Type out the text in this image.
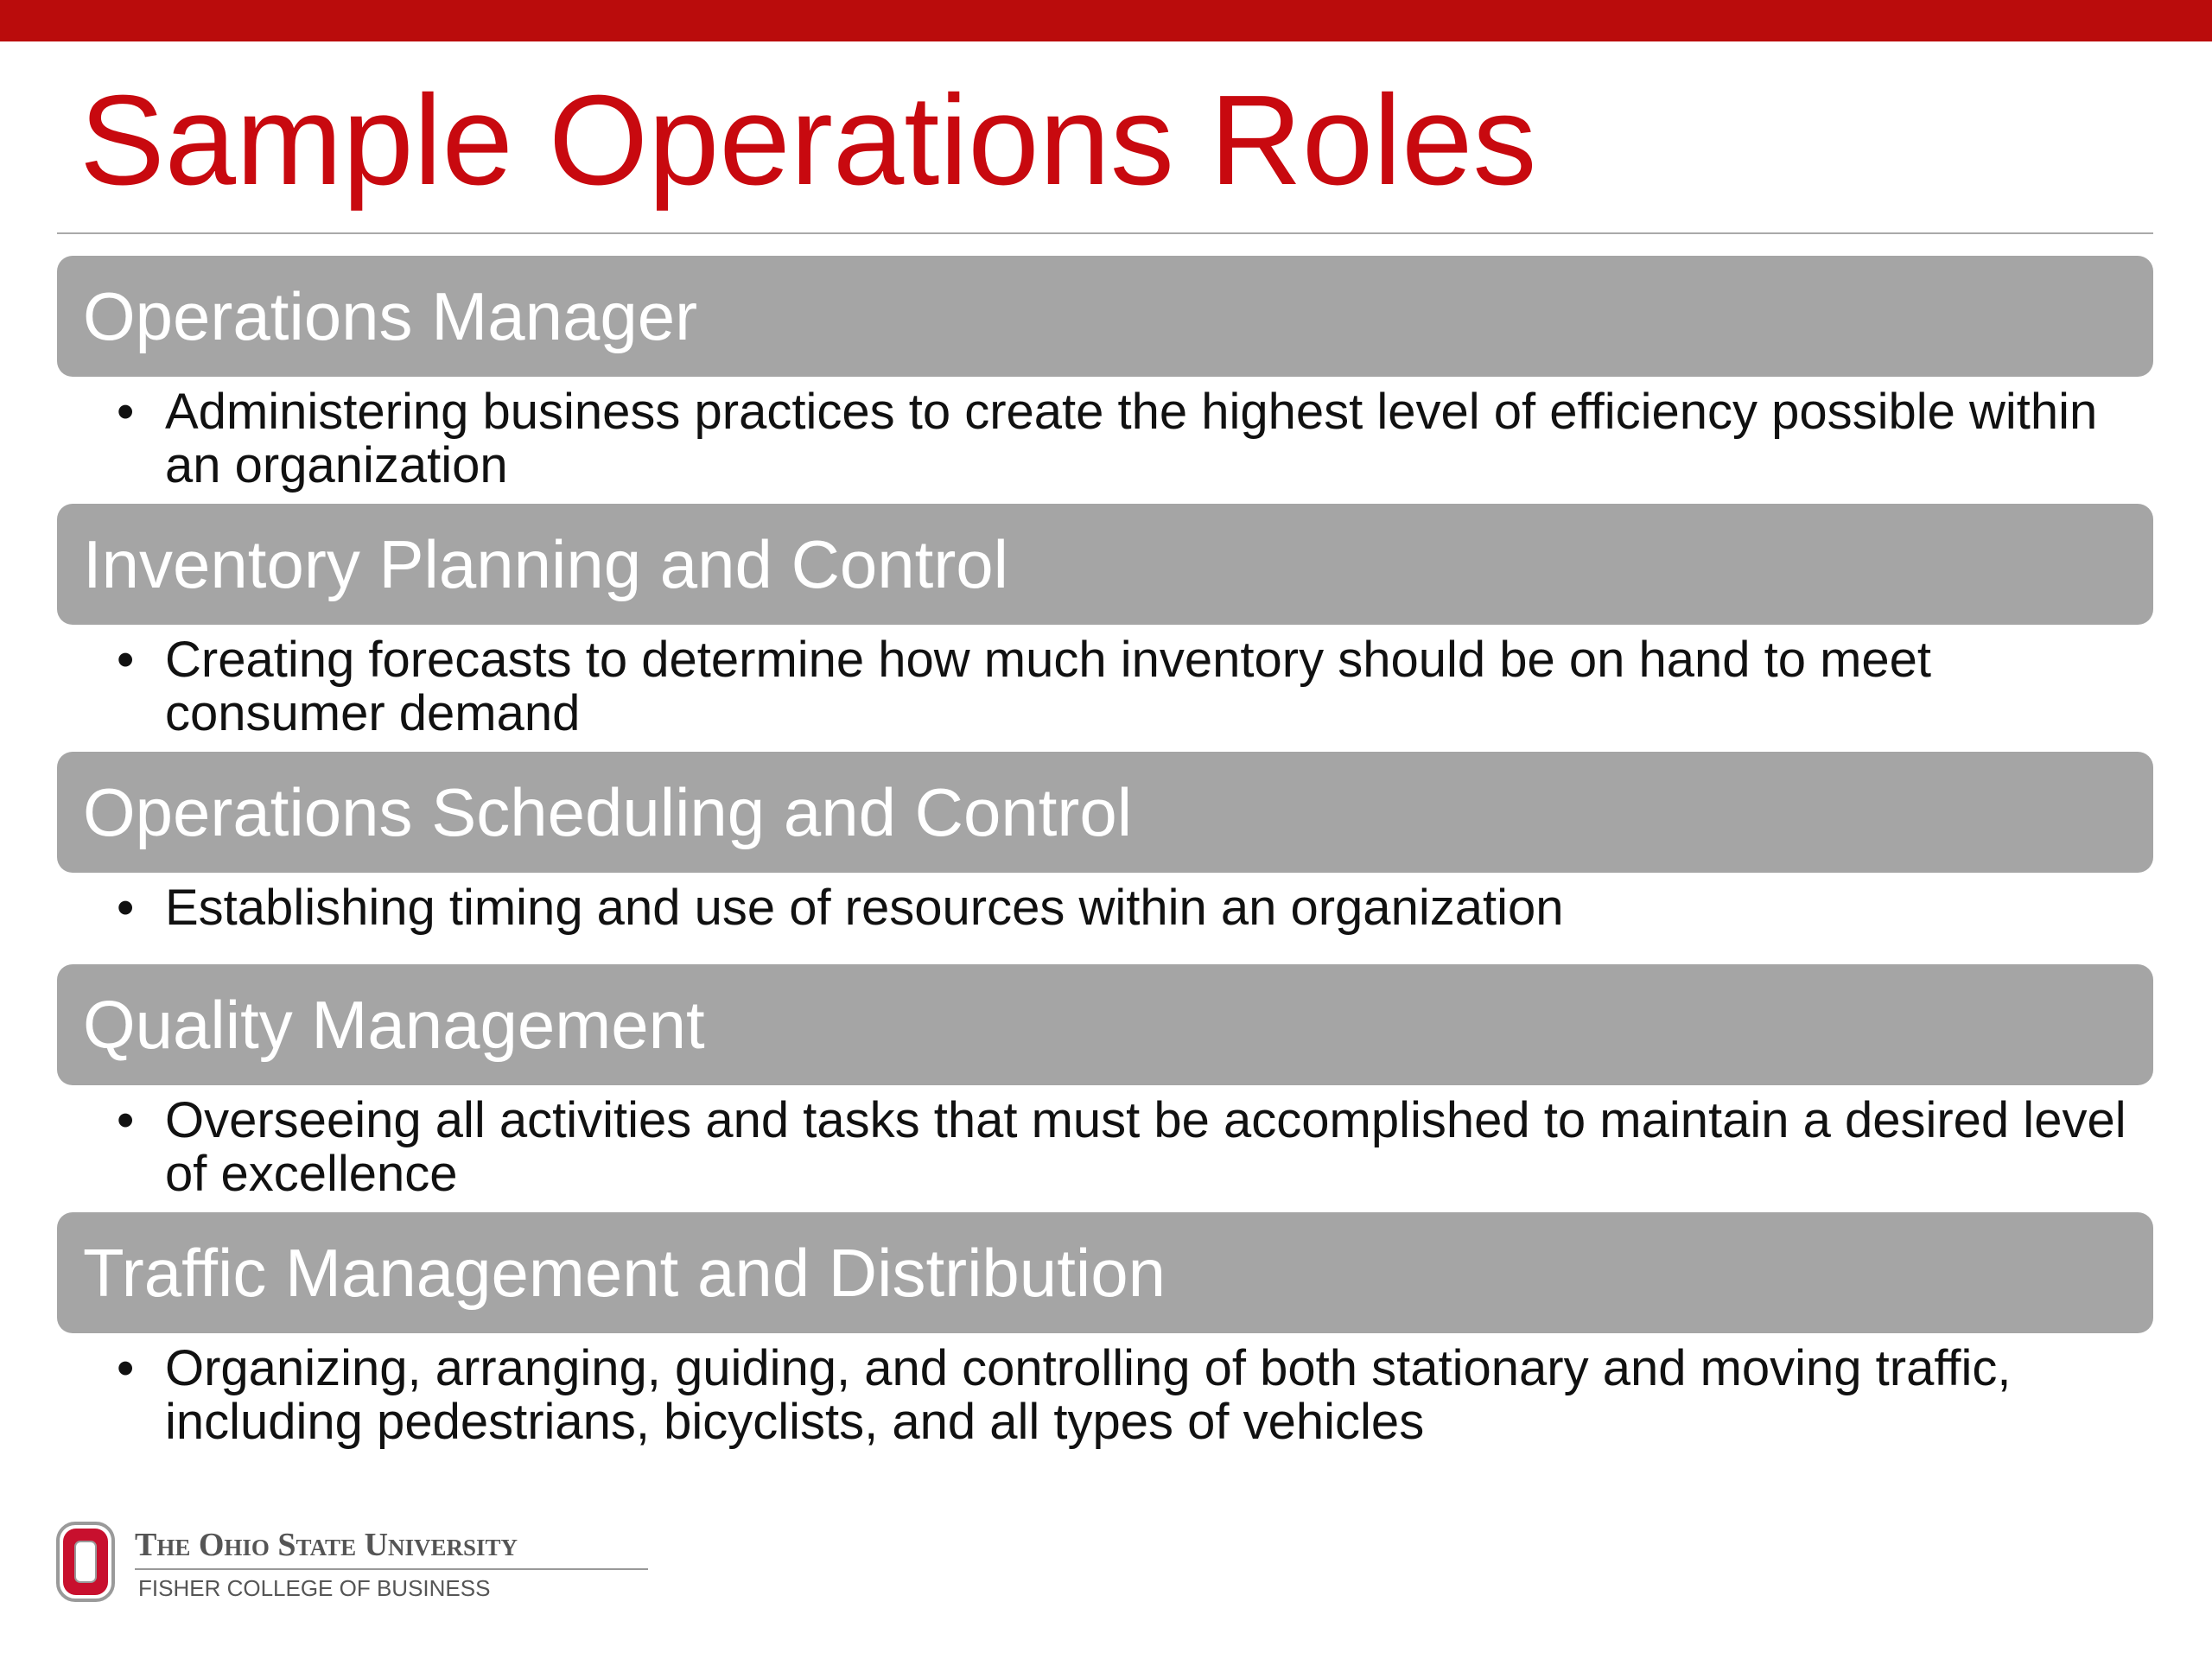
Sample Operations Roles
Operations Manager
• Administering business practices to create the highest level of efficiency possible within an organization
Inventory Planning and Control
• Creating forecasts to determine how much inventory should be on hand to meet consumer demand
Operations Scheduling and Control
• Establishing timing and use of resources within an organization
Quality Management
• Overseeing all activities and tasks that must be accomplished to maintain a desired level of excellence
Traffic Management and Distribution
• Organizing, arranging, guiding, and controlling of both stationary and moving traffic, including pedestrians, bicyclists, and all types of vehicles
The Ohio State University
FISHER COLLEGE OF BUSINESS
